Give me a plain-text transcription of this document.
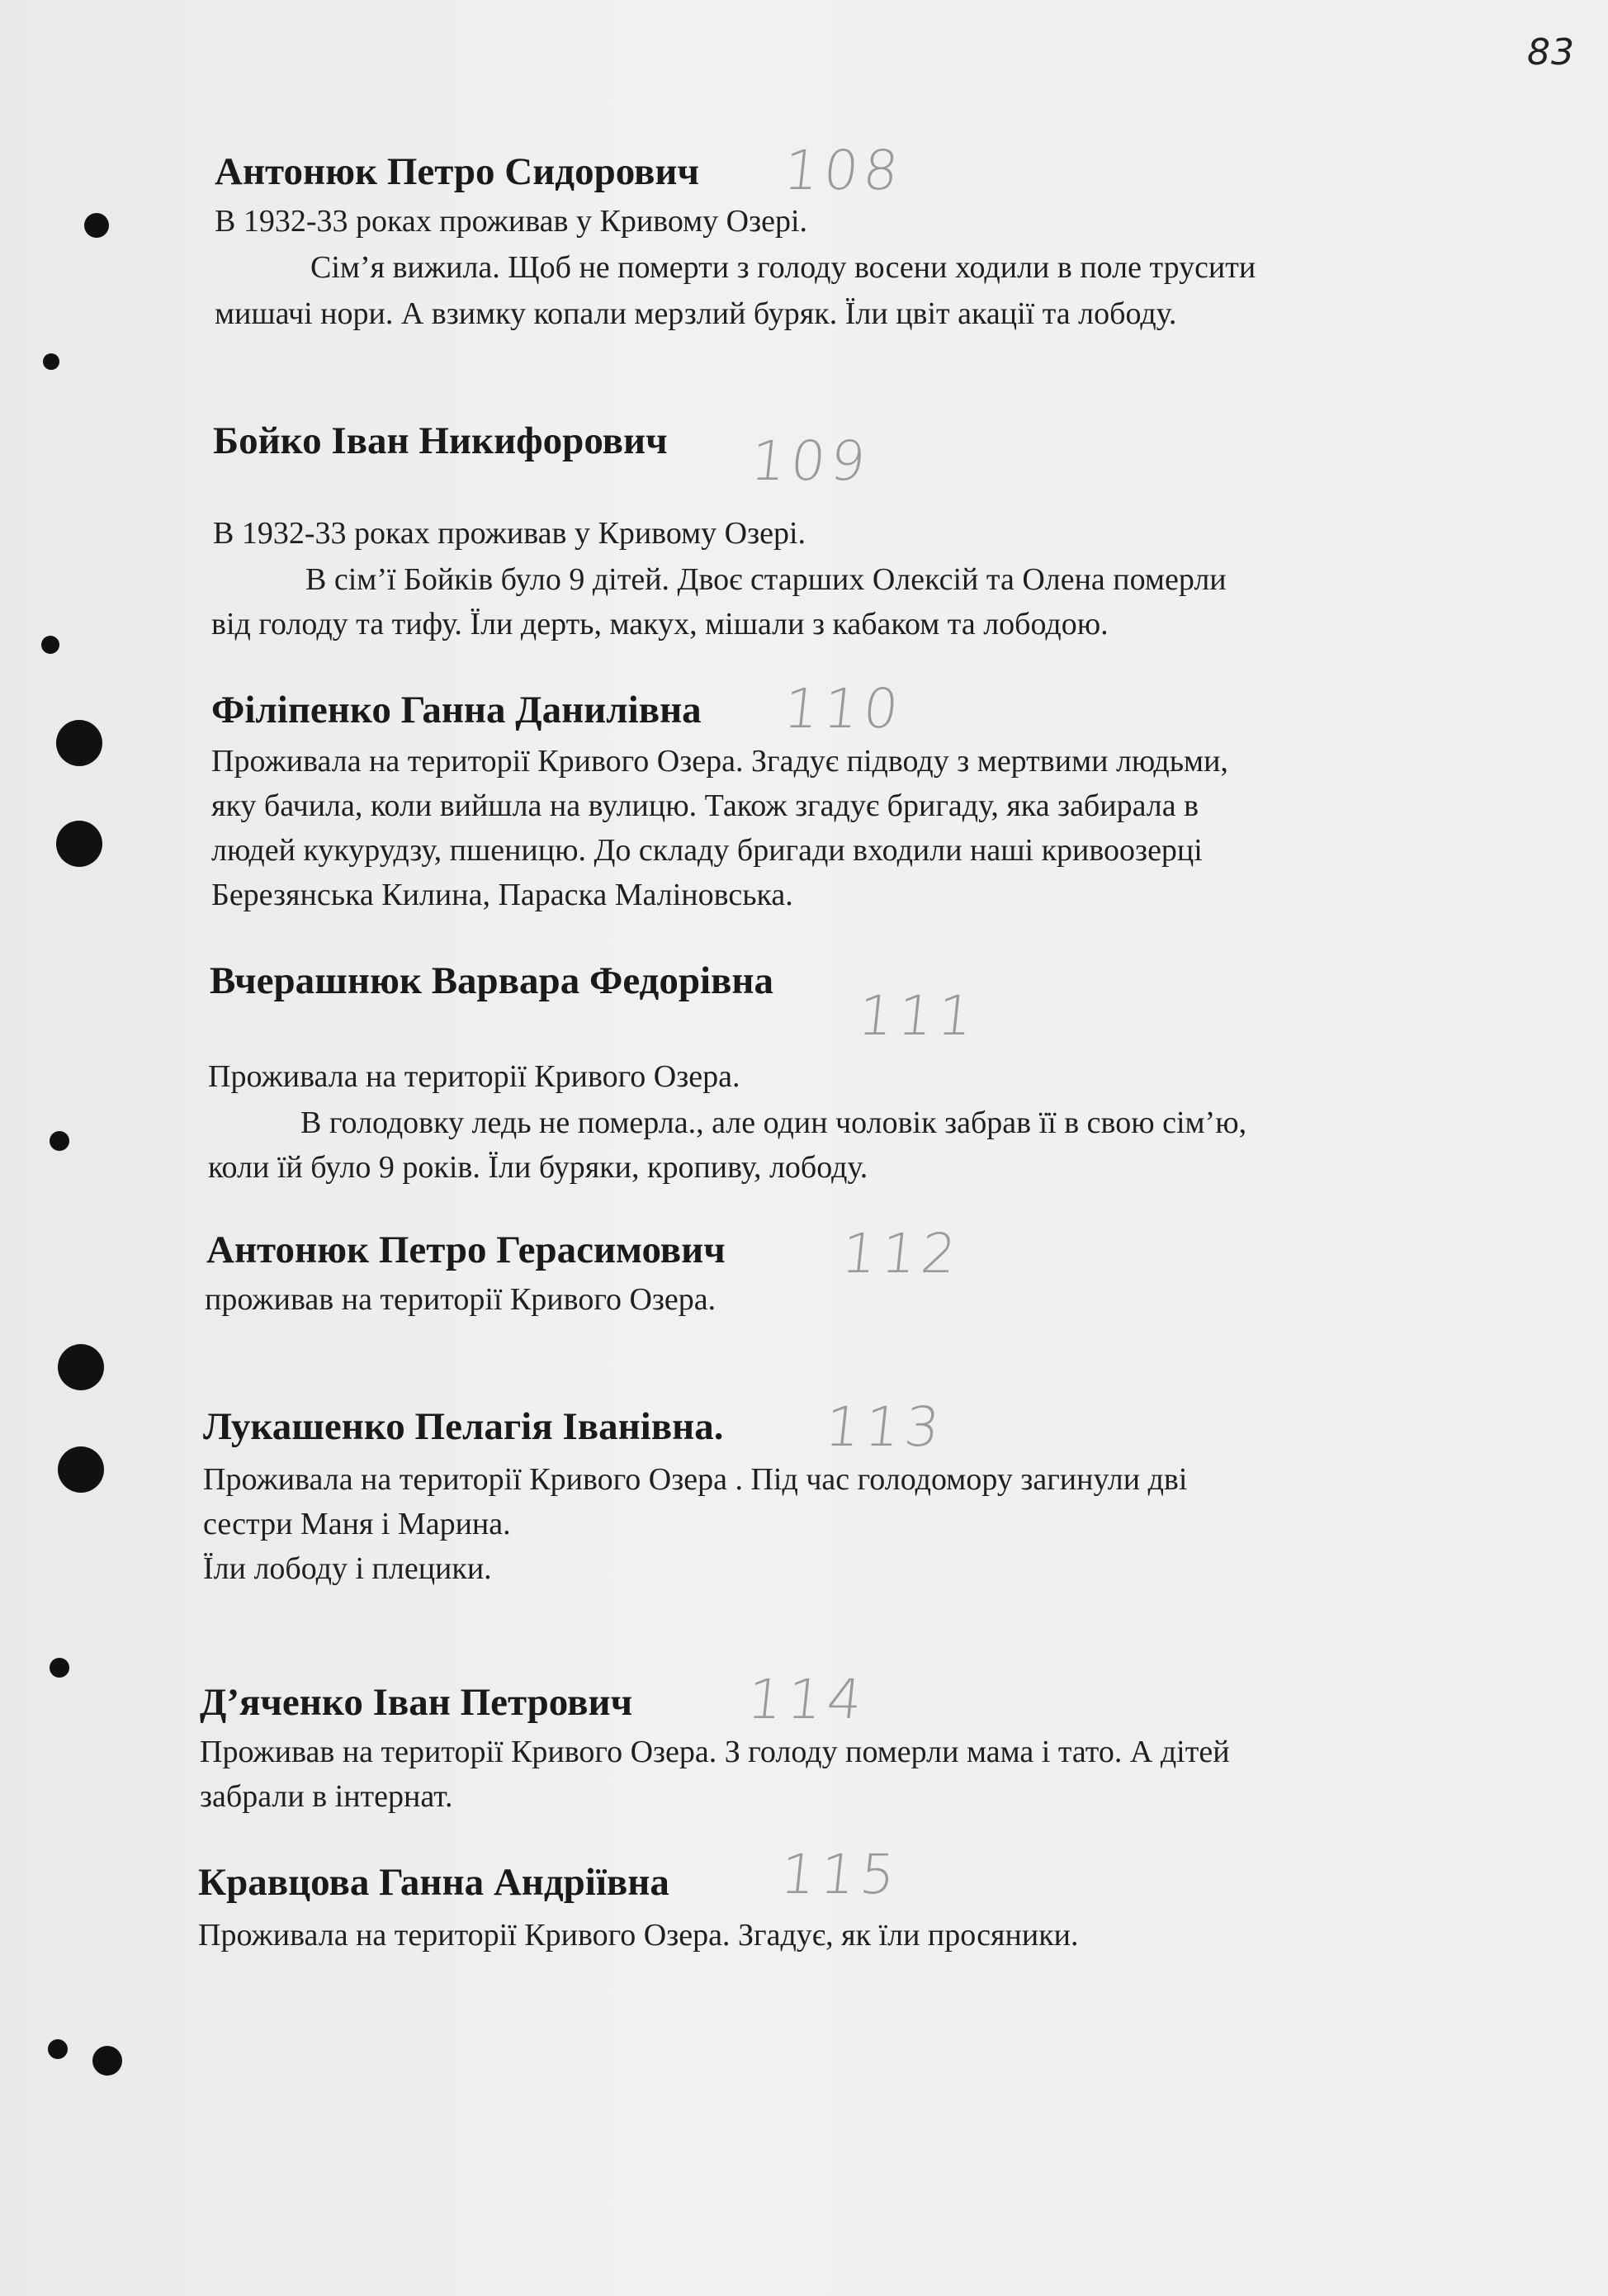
83
Антонюк Петро Сидорович 108
В 1932-33 роках проживав у Кривому Озері.
Сім’я вижила. Щоб не померти з голоду восени ходили в поле трусити
мишачі нори. А взимку копали мерзлий буряк. Їли цвіт акації та лободу.
Бойко Іван Никифорович 109
В 1932-33 роках проживав у Кривому Озері.
В сім’ї Бойків було 9 дітей. Двоє старших Олексій та Олена померли
від голоду та тифу. Їли дерть, макух, мішали з кабаком та лободою.
Філіпенко Ганна Данилівна 110
Проживала на території Кривого Озера. Згадує підводу з мертвими людьми,
яку бачила, коли вийшла на вулицю. Також згадує бригаду, яка забирала в
людей кукурудзу, пшеницю. До складу бригади входили наші кривоозерці
Березянська Килина, Параска Маліновська.
Вчерашнюк Варвара Федорівна
111
Проживала на території Кривого Озера.
В голодовку ледь не померла., але один чоловік забрав її в свою сім’ю,
коли їй було 9 років. Їли буряки, кропиву, лободу.
Антонюк Петро Герасимович 112
проживав на території Кривого Озера.
Лукашенко Пелагія Іванівна. 113
Проживала на території Кривого Озера . Під час голодомору загинули дві
сестри Маня і Марина.
Їли лободу і плецики.
Д’яченко Іван Петрович 114
Проживав на території Кривого Озера. З голоду померли мама і тато. А дітей
забрали в інтернат.
Кравцова Ганна Андріївна 115
Проживала на території Кривого Озера. Згадує, як їли просяники.
